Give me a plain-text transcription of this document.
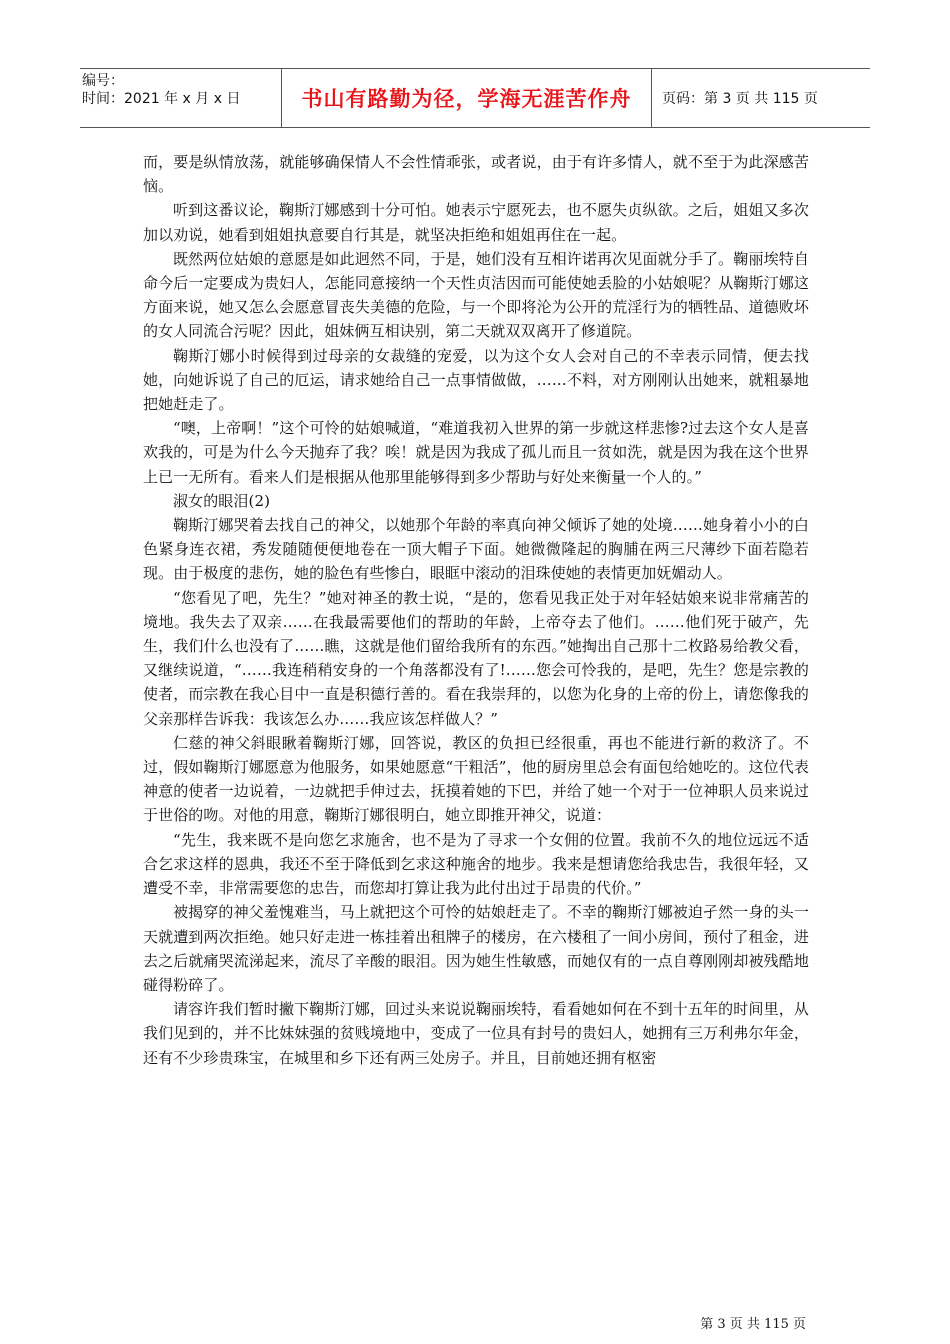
编号：
时间：2021 年 x 月 x 日	书山有路勤为径，学海无涯苦作舟	页码：第 3 页 共 115 页

而，要是纵情放荡，就能够确保情人不会性情乖张，或者说，由于有许多情人，就不至于为此深感苦恼。

听到这番议论，鞠斯汀娜感到十分可怕。她表示宁愿死去，也不愿失贞纵欲。之后，姐姐又多次加以劝说，她看到姐姐执意要自行其是，就坚决拒绝和姐姐再住在一起。

既然两位姑娘的意愿是如此迥然不同，于是，她们没有互相许诺再次见面就分手了。鞠丽埃特自命今后一定要成为贵妇人，怎能同意接纳一个天性贞洁因而可能使她丢脸的小姑娘呢？从鞠斯汀娜这方面来说，她又怎么会愿意冒丧失美德的危险，与一个即将沦为公开的荒淫行为的牺牲品、道德败坏的女人同流合污呢？因此，姐妹俩互相诀别，第二天就双双离开了修道院。

鞠斯汀娜小时候得到过母亲的女裁缝的宠爱，以为这个女人会对自己的不幸表示同情，便去找她，向她诉说了自己的厄运，请求她给自己一点事情做做，……不料，对方刚刚认出她来，就粗暴地把她赶走了。

“噢，上帝啊！”这个可怜的姑娘喊道，“难道我初入世界的第一步就这样悲惨?过去这个女人是喜欢我的，可是为什么今天抛弃了我？唉！就是因为我成了孤儿而且一贫如洗，就是因为我在这个世界上已一无所有。看来人们是根据从他那里能够得到多少帮助与好处来衡量一个人的。”

淑女的眼泪(2)

鞠斯汀娜哭着去找自己的神父，以她那个年龄的率真向神父倾诉了她的处境……她身着小小的白色紧身连衣裙，秀发随随便便地卷在一顶大帽子下面。她微微隆起的胸脯在两三尺薄纱下面若隐若现。由于极度的悲伤，她的脸色有些惨白，眼眶中滚动的泪珠使她的表情更加妩媚动人。

“您看见了吧，先生？”她对神圣的教士说，“是的，您看见我正处于对年轻姑娘来说非常痛苦的境地。我失去了双亲……在我最需要他们的帮助的年龄，上帝夺去了他们。……他们死于破产，先生，我们什么也没有了……瞧，这就是他们留给我所有的东西。”她掏出自己那十二枚路易给教父看，又继续说道，“……我连稍稍安身的一个角落都没有了!……您会可怜我的，是吧，先生？您是宗教的使者，而宗教在我心目中一直是积德行善的。看在我崇拜的，以您为化身的上帝的份上，请您像我的父亲那样告诉我：我该怎么办……我应该怎样做人？”

仁慈的神父斜眼瞅着鞠斯汀娜，回答说，教区的负担已经很重，再也不能进行新的救济了。不过，假如鞠斯汀娜愿意为他服务，如果她愿意“干粗活”，他的厨房里总会有面包给她吃的。这位代表神意的使者一边说着，一边就把手伸过去，抚摸着她的下巴，并给了她一个对于一位神职人员来说过于世俗的吻。对他的用意，鞠斯汀娜很明白，她立即推开神父，说道：

“先生，我来既不是向您乞求施舍，也不是为了寻求一个女佣的位置。我前不久的地位远远不适合乞求这样的恩典，我还不至于降低到乞求这种施舍的地步。我来是想请您给我忠告，我很年轻，又遭受不幸，非常需要您的忠告，而您却打算让我为此付出过于昂贵的代价。”

被揭穿的神父羞愧难当，马上就把这个可怜的姑娘赶走了。不幸的鞠斯汀娜被迫孑然一身的头一天就遭到两次拒绝。她只好走进一栋挂着出租牌子的楼房，在六楼租了一间小房间，预付了租金，进去之后就痛哭流涕起来，流尽了辛酸的眼泪。因为她生性敏感，而她仅有的一点自尊刚刚却被残酷地碰得粉碎了。

请容许我们暂时撇下鞠斯汀娜，回过头来说说鞠丽埃特，看看她如何在不到十五年的时间里，从我们见到的，并不比妹妹强的贫贱境地中，变成了一位具有封号的贵妇人，她拥有三万利弗尔年金，还有不少珍贵珠宝，在城里和乡下还有两三处房子。并且，目前她还拥有枢密

第 3 页 共 115 页
